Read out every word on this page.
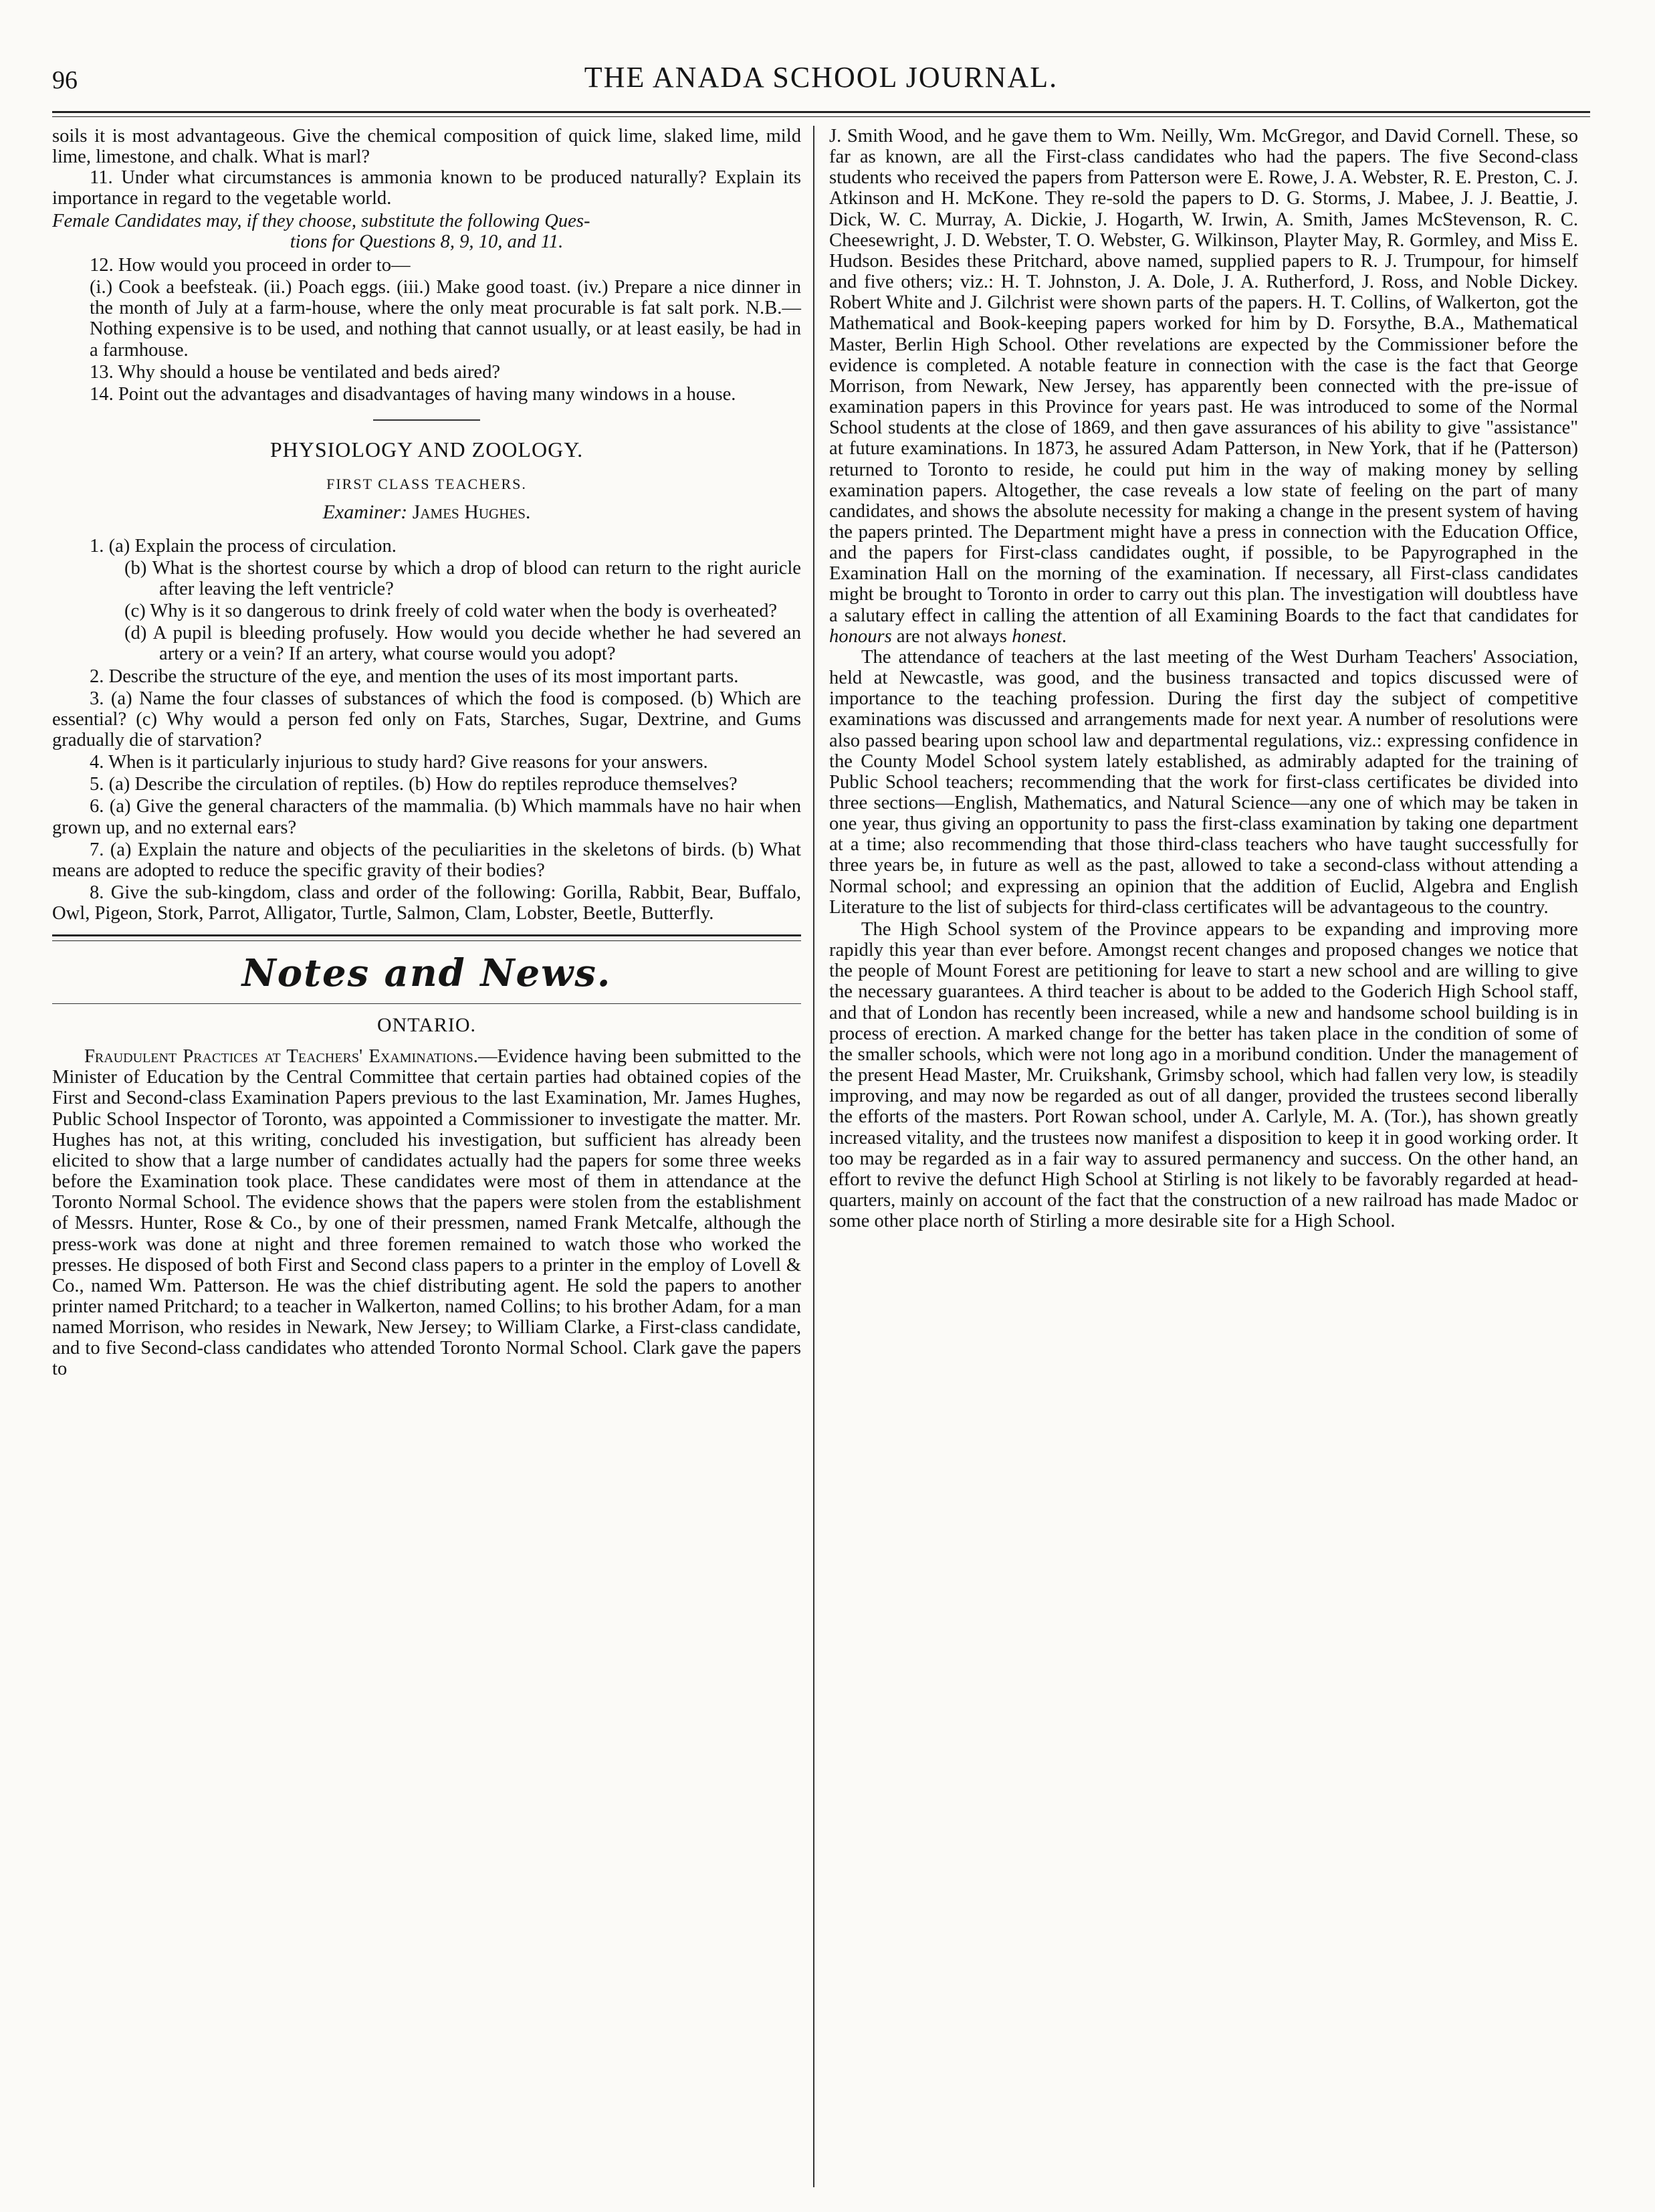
96	THE ANADA SCHOOL JOURNAL.

soils it is most advantageous. Give the chemical composition of quick lime, slaked lime, mild lime, limestone, and chalk. What is marl?

11. Under what circumstances is ammonia known to be produced naturally? Explain its importance in regard to the vegetable world.

Female Candidates may, if they choose, substitute the following Ques-
tions for Questions 8, 9, 10, and 11.

12. How would you proceed in order to—

(i.) Cook a beefsteak. (ii.) Poach eggs. (iii.) Make good toast. (iv.) Prepare a nice dinner in the month of July at a farm-house, where the only meat procurable is fat salt pork. N.B.—Nothing expensive is to be used, and nothing that cannot usually, or at least easily, be had in a farmhouse.

13. Why should a house be ventilated and beds aired?

14. Point out the advantages and disadvantages of having many windows in a house.

PHYSIOLOGY AND ZOOLOGY.
FIRST CLASS TEACHERS.
Examiner: James Hughes.

1. (a) Explain the process of circulation.

(b) What is the shortest course by which a drop of blood can return to the right auricle after leaving the left ventricle?

(c) Why is it so dangerous to drink freely of cold water when the body is overheated?

(d) A pupil is bleeding profusely. How would you decide whether he had severed an artery or a vein? If an artery, what course would you adopt?

2. Describe the structure of the eye, and mention the uses of its most important parts.

3. (a) Name the four classes of substances of which the food is composed. (b) Which are essential? (c) Why would a person fed only on Fats, Starches, Sugar, Dextrine, and Gums gradually die of starvation?

4. When is it particularly injurious to study hard? Give reasons for your answers.

5. (a) Describe the circulation of reptiles. (b) How do reptiles reproduce themselves?

6. (a) Give the general characters of the mammalia. (b) Which mammals have no hair when grown up, and no external ears?

7. (a) Explain the nature and objects of the peculiarities in the skeletons of birds. (b) What means are adopted to reduce the specific gravity of their bodies?

8. Give the sub-kingdom, class and order of the following: Gorilla, Rabbit, Bear, Buffalo, Owl, Pigeon, Stork, Parrot, Alligator, Turtle, Salmon, Clam, Lobster, Beetle, Butterfly.

Notes and News.
ONTARIO.

Fraudulent Practices at Teachers' Examinations.—Evidence having been submitted to the Minister of Education by the Central Committee that certain parties had obtained copies of the First and Second-class Examination Papers previous to the last Examination, Mr. James Hughes, Public School Inspector of Toronto, was appointed a Commissioner to investigate the matter. Mr. Hughes has not, at this writing, concluded his investigation, but sufficient has already been elicited to show that a large number of candidates actually had the papers for some three weeks before the Examination took place. These candidates were most of them in attendance at the Toronto Normal School. The evidence shows that the papers were stolen from the establishment of Messrs. Hunter, Rose & Co., by one of their pressmen, named Frank Metcalfe, although the press-work was done at night and three foremen remained to watch those who worked the presses. He disposed of both First and Second class papers to a printer in the employ of Lovell & Co., named Wm. Patterson. He was the chief distributing agent. He sold the papers to another printer named Pritchard; to a teacher in Walkerton, named Collins; to his brother Adam, for a man named Morrison, who resides in Newark, New Jersey; to William Clarke, a First-class candidate, and to five Second-class candidates who attended Toronto Normal School. Clark gave the papers to

J. Smith Wood, and he gave them to Wm. Neilly, Wm. McGregor, and David Cornell. These, so far as known, are all the First-class candidates who had the papers. The five Second-class students who received the papers from Patterson were E. Rowe, J. A. Webster, R. E. Preston, C. J. Atkinson and H. McKone. They re-sold the papers to D. G. Storms, J. Mabee, J. J. Beattie, J. Dick, W. C. Murray, A. Dickie, J. Hogarth, W. Irwin, A. Smith, James McStevenson, R. C. Cheesewright, J. D. Webster, T. O. Webster, G. Wilkinson, Playter May, R. Gormley, and Miss E. Hudson. Besides these Pritchard, above named, supplied papers to R. J. Trumpour, for himself and five others; viz.: H. T. Johnston, J. A. Dole, J. A. Rutherford, J. Ross, and Noble Dickey. Robert White and J. Gilchrist were shown parts of the papers. H. T. Collins, of Walkerton, got the Mathematical and Book-keeping papers worked for him by D. Forsythe, B.A., Mathematical Master, Berlin High School. Other revelations are expected by the Commissioner before the evidence is completed. A notable feature in connection with the case is the fact that George Morrison, from Newark, New Jersey, has apparently been connected with the pre-issue of examination papers in this Province for years past. He was introduced to some of the Normal School students at the close of 1869, and then gave assurances of his ability to give "assistance" at future examinations. In 1873, he assured Adam Patterson, in New York, that if he (Patterson) returned to Toronto to reside, he could put him in the way of making money by selling examination papers. Altogether, the case reveals a low state of feeling on the part of many candidates, and shows the absolute necessity for making a change in the present system of having the papers printed. The Department might have a press in connection with the Education Office, and the papers for First-class candidates ought, if possible, to be Papyrographed in the Examination Hall on the morning of the examination. If necessary, all First-class candidates might be brought to Toronto in order to carry out this plan. The investigation will doubtless have a salutary effect in calling the attention of all Examining Boards to the fact that candidates for honours are not always honest.

The attendance of teachers at the last meeting of the West Durham Teachers' Association, held at Newcastle, was good, and the business transacted and topics discussed were of importance to the teaching profession. During the first day the subject of competitive examinations was discussed and arrangements made for next year. A number of resolutions were also passed bearing upon school law and departmental regulations, viz.: expressing confidence in the County Model School system lately established, as admirably adapted for the training of Public School teachers; recommending that the work for first-class certificates be divided into three sections—English, Mathematics, and Natural Science—any one of which may be taken in one year, thus giving an opportunity to pass the first-class examination by taking one department at a time; also recommending that those third-class teachers who have taught successfully for three years be, in future as well as the past, allowed to take a second-class without attending a Normal school; and expressing an opinion that the addition of Euclid, Algebra and English Literature to the list of subjects for third-class certificates will be advantageous to the country.

The High School system of the Province appears to be expanding and improving more rapidly this year than ever before. Amongst recent changes and proposed changes we notice that the people of Mount Forest are petitioning for leave to start a new school and are willing to give the necessary guarantees. A third teacher is about to be added to the Goderich High School staff, and that of London has recently been increased, while a new and handsome school building is in process of erection. A marked change for the better has taken place in the condition of some of the smaller schools, which were not long ago in a moribund condition. Under the management of the present Head Master, Mr. Cruikshank, Grimsby school, which had fallen very low, is steadily improving, and may now be regarded as out of all danger, provided the trustees second liberally the efforts of the masters. Port Rowan school, under A. Carlyle, M. A. (Tor.), has shown greatly increased vitality, and the trustees now manifest a disposition to keep it in good working order. It too may be regarded as in a fair way to assured permanency and success. On the other hand, an effort to revive the defunct High School at Stirling is not likely to be favorably regarded at head-quarters, mainly on account of the fact that the construction of a new railroad has made Madoc or some other place north of Stirling a more desirable site for a High School.
